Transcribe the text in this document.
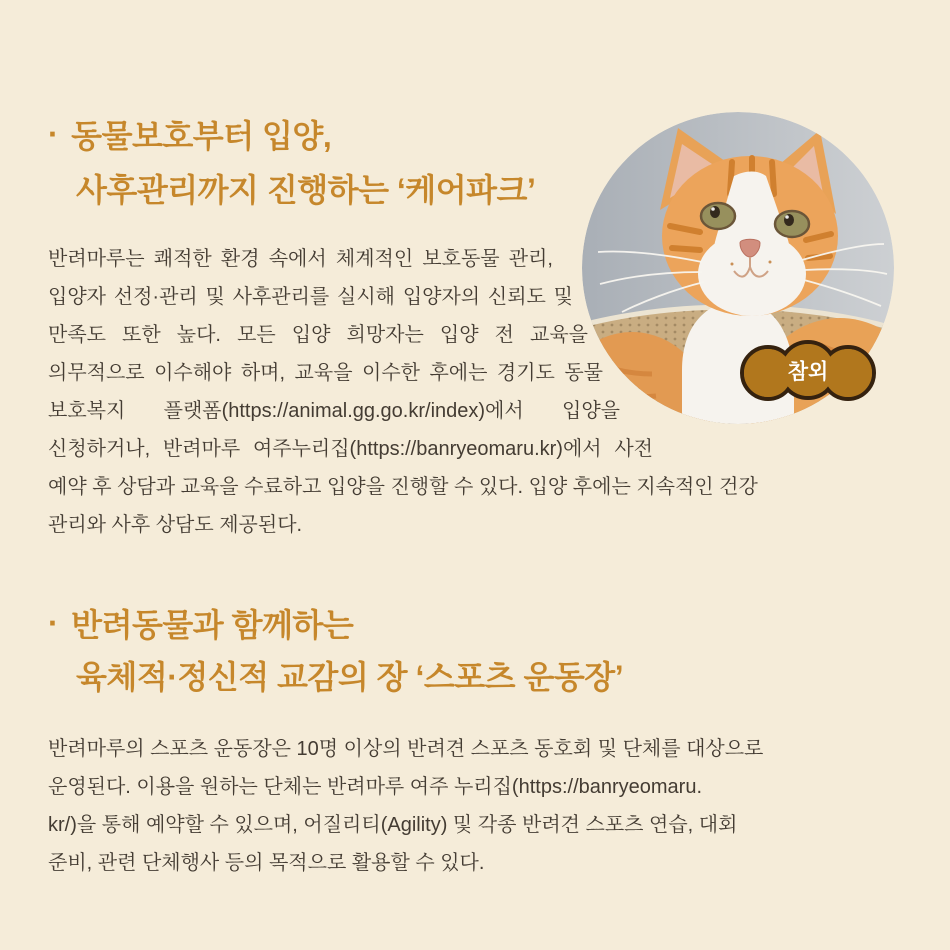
· 동물보호부터 입양,
사후관리까지 진행하는 ‘케어파크’
참외
반려마루는 쾌적한 환경 속에서 체계적인 보호동물 관리,
입양자 선정·관리 및 사후관리를 실시해 입양자의 신뢰도 및
만족도 또한 높다. 모든 입양 희망자는 입양 전 교육을
의무적으로 이수해야 하며, 교육을 이수한 후에는 경기도 동물
보호복지 플랫폼(https://animal.gg.go.kr/index)에서 입양을
신청하거나, 반려마루 여주누리집(https://banryeomaru.kr)에서 사전
예약 후 상담과 교육을 수료하고 입양을 진행할 수 있다. 입양 후에는 지속적인 건강
관리와 사후 상담도 제공된다.
· 반려동물과 함께하는
육체적·정신적 교감의 장 ‘스포츠 운동장’
반려마루의 스포츠 운동장은 10명 이상의 반려견 스포츠 동호회 및 단체를 대상으로
운영된다. 이용을 원하는 단체는 반려마루 여주 누리집(https://banryeomaru.
kr/)을 통해 예약할 수 있으며, 어질리티(Agility) 및 각종 반려견 스포츠 연습, 대회
준비, 관련 단체행사 등의 목적으로 활용할 수 있다.
